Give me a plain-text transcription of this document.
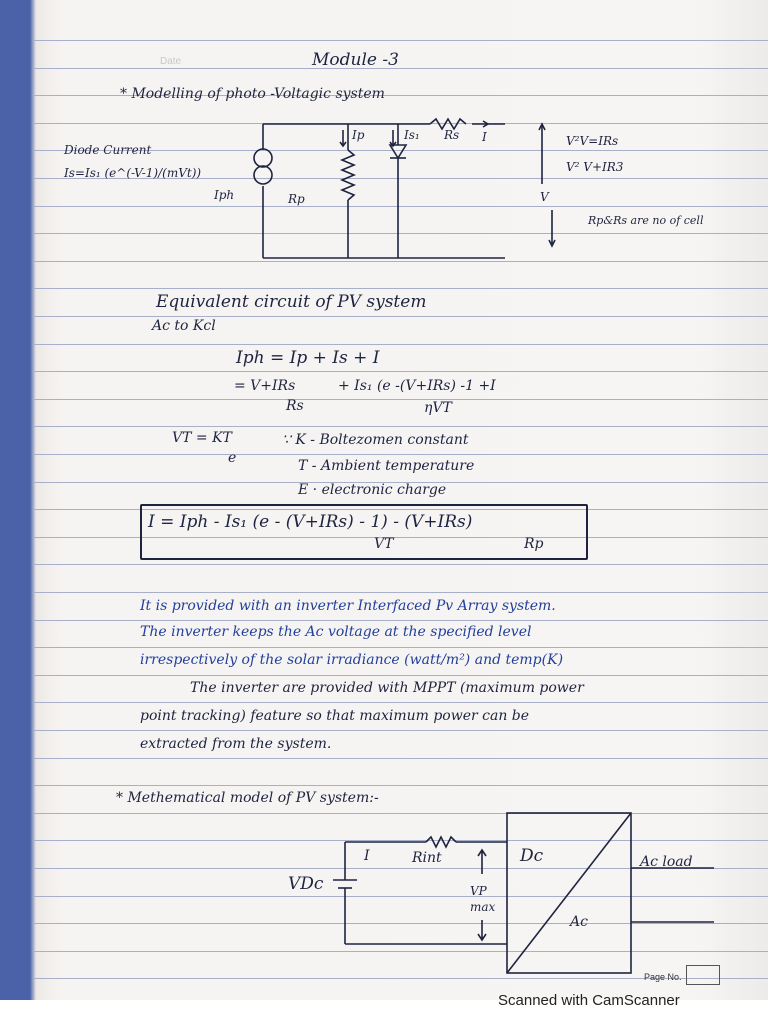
Date	Module -3
* Modelling of photo -Voltagic system
Diode Current
Is=Is₁ (e^(-V-1)/(mVt))
Iph	Rp
Ip	Is₁ Rs I
V
V²V=IRs
V² V+IR3
Rp&Rs are no of cell
Equivalent circuit of PV system
Ac to Kcl
Iph = Ip + Is + I
= V+IRs
Rs
+ Is₁ (e -(V+IRs) -1 +I
ηVT
VT = KT
e
∵ K - Boltezomen constant
T - Ambient temperature
E · electronic charge
I = Iph - Is₁ (e - (V+IRs) - 1) - (V+IRs)
VT	Rp
It is provided with an inverter Interfaced Pv Array system.
The inverter keeps the Ac voltage at the specified level
irrespectively of the solar irradiance (watt/m²) and temp(K)
The inverter are provided with MPPT (maximum power
point tracking) feature so that maximum power can be
extracted from the system.
* Methematical model of PV system:-
I	Rint
VDc	VP
max
Dc
Ac
Ac load
Page No.
Scanned with CamScanner
